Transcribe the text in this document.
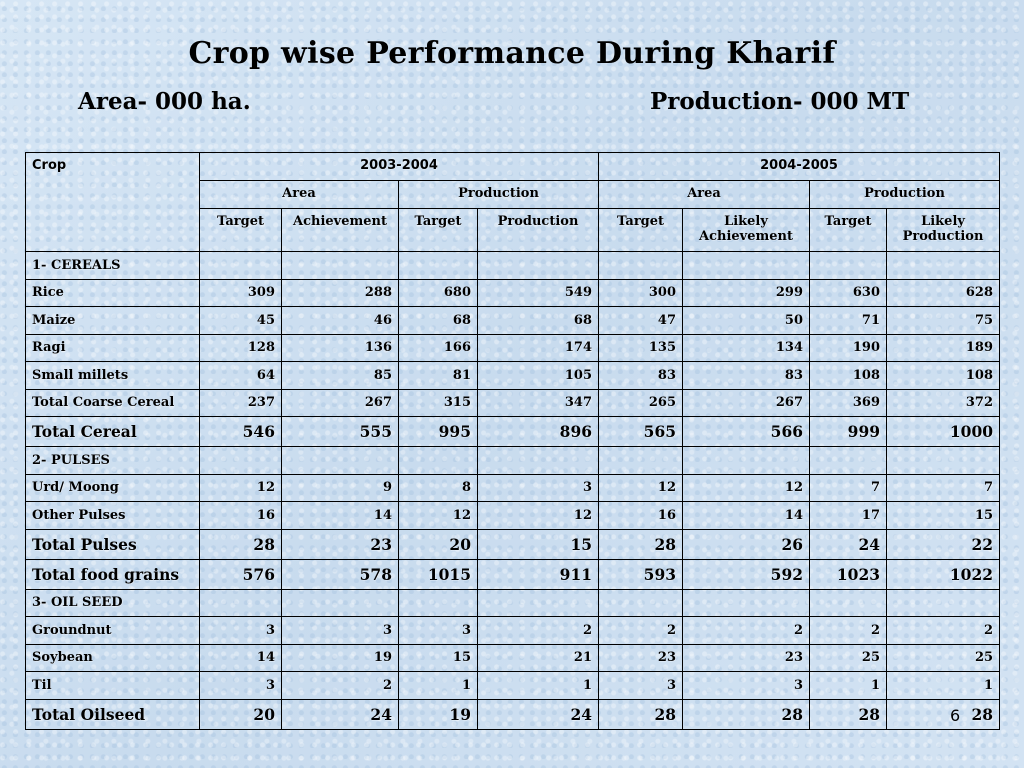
Crop wise Performance During Kharif
Area- 000 ha.	Production- 000 MT
Crop	2003-2004				2004-2005			
	Area		Production		Area		Production	
	Target	Achievement	Target	Production	Target	Likely Achievement	Target	Likely Production
1- CEREALS								
Rice	309	288	680	549	300	299	630	628
Maize	45	46	68	68	47	50	71	75
Ragi	128	136	166	174	135	134	190	189
Small millets	64	85	81	105	83	83	108	108
Total Coarse Cereal	237	267	315	347	265	267	369	372
Total Cereal	546	555	995	896	565	566	999	1000
2- PULSES								
Urd/ Moong	12	9	8	3	12	12	7	7
Other Pulses	16	14	12	12	16	14	17	15
Total Pulses	28	23	20	15	28	26	24	22
Total food grains	576	578	1015	911	593	592	1023	1022
3- OIL SEED								
Groundnut	3	3	3	2	2	2	2	2
Soybean	14	19	15	21	23	23	25	25
Til	3	2	1	1	3	3	1	1
Total Oilseed	20	24	19	24	28	28	28	28
6
